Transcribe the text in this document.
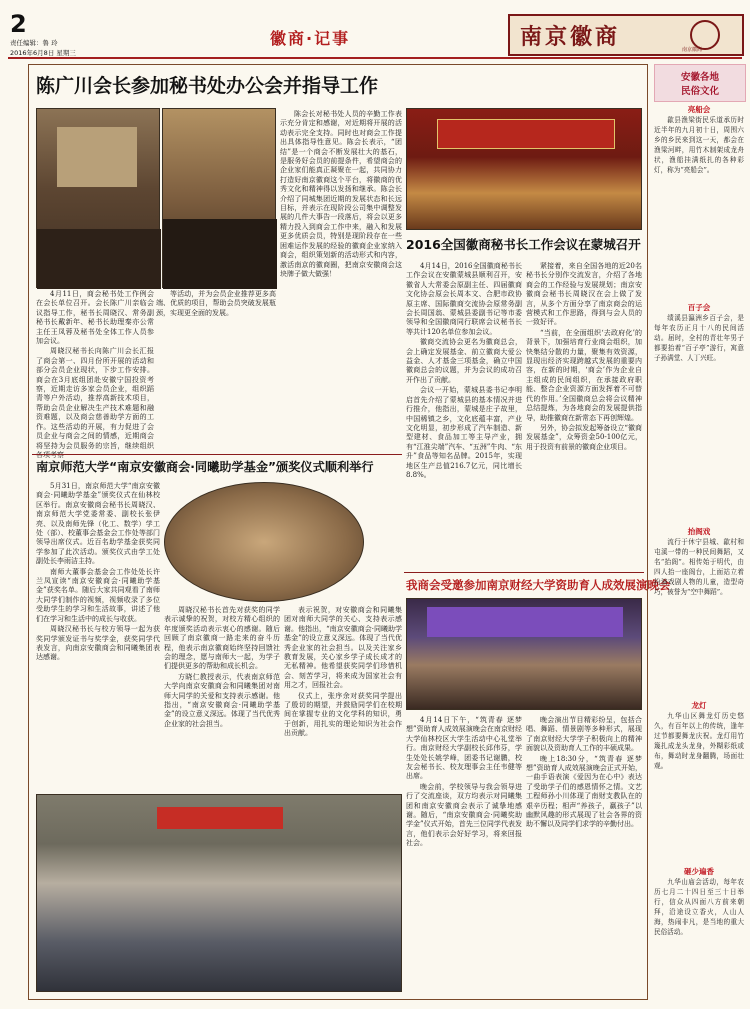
2
责任编辑：鲁 玲
2016年6月8日 星期三
徽商·记事	南京徽商	南京徽商
陈广川会长参加秘书处办公会并指导工作

4月11日，商会秘书处工作例会在会长单位召开。会长陈广川亲临会议指导工作，秘书长周晓汉、常务副秘书长戴新年、秘书长助理秦亦公常主任王凤蓉及秘书处全体工作人员参加会议。

周晓汉秘书长向陈广川会长汇报了商会第一、四月份所开展的活动和部分会员企业现状，下步工作安排。商会在3月底组团赴安徽宁国投资考察，近期走访多家会员企业，组织蹈青等户外活动，推荐高新技术项目，帮助会员企业解决生产技术难题和融资难题，以及商会慈善助学方面的工作。这些活动的开展，有力促进了会员企业与商会之间的情感，近期商会将坚持为会员服务的宗旨，继续组织

等活动，并为会员企业推荐更多高端、优质的项目，帮助会员突破发展瓶颈，实现更全面的发展。

陈会长对秘书处人员的辛勤工作表示充分肯定和感谢，对近期将开展的活动表示完全支持。同时也对商会工作提出具体指导性意见。陈会长表示，“团结”是一个商会不断发展壮大的基石，是服务好会员的前提条件，希望商会的企业家们能真正凝聚在一起，共同协力打造好南京徽商这个平台，将徽商的优秀文化和精神得以发扬和继承。陈会长介绍了同城集团近期的发展状态和长远目标，并表示在现阶段公司集中调整发展的几件大事告一段落后，将会以更多精力投入到商会工作中来，融入和发展更多优质会员，特别是现阶段存在一些困难运作发展的经验的徽商企业家纳入商会，组织策划新的活动形式和内容，激活南京的徽商圈，把南京安徽商会这块牌子做大做强！

2016全国徽商秘书长工作会议在蒙城召开

4月14日，2016全国徽商秘书长工作会议在安徽蒙城县顺利召开，安徽省人大常委会原副主任、四届徽商文化协会原会长周本文、合肥市政协原主席、国际徽商交流协会原常务副会长周国翁、蒙城县委副书记等市委领导和全国徽商同行联席会议秘书长等共计120名单位参加会议。

徽商交流协会更名为徽商总会，会上确定发展基金、前立徽商大爱公益金、人才基金三项基金，确立中国徽商总会的议题，并为会议的成功召开作出了贡献。

会议一开始，蒙城县委书记李明启首先介绍了蒙城县的基本情况并进行推介，他指出，蒙城是庄子故里，中国稀镇之乡，文化底蕴丰富，产业文化明显，初步形成了汽车制造、新型建材、食品加工等主导产业，拥有“江淮尖端”汽车、“五洲”牛肉、“东升”食品等知名品牌。2015年，实现地区生产总值216.7亿元，同比增长8.8%。

紧接着，来自全国各地的近20名秘书长分别作交流发言，介绍了各地商会的工作经验与发展规划；南京安徽商会秘书长周晓汉在会上做了发言，从多个方面分享了南京商会的运营模式和工作思路，得到与会人员的一致好评。

“当前，在全面组织‘去政府化’的背景下，加强培育行业商会组织，加快集结分散的力量，聚集有效资源，显现出经济实现跨越式发展的重要内容，在新的时期，‘商会’作为企业自主组成的民间组织，在承接政府职能、整合企业资源方面发挥着不可替代的作用。’全国徽商总会将会议精神总结提炼，为各地商会的发展提供指导，助推徽商在新常态下再创辉煌。

另外，协会拟发起筹备设立“徽商发展基金”，众筹资金50-100亿元，用于投资有前景的徽商企业项目。

南京师范大学“南京安徽商会·同曦助学基金”颁奖仪式顺利举行

5月31日，南京师范大学“南京安徽商会·同曦助学基金”颁奖仪式在仙林校区举行。南京安徽商会秘书长周晓汉、南京师范大学党委常委、副校长张伊亮、以及南师先锋（化工、数学）学工处（部）、校董事会基金会工作处等部门领导出席仪式。近百名助学基金获奖同学参加了此次活动。颁奖仪式由学工处副处长李雨洁主持。

南师大董事会基金会工作处处长许兰凤宣读“南京安徽商会·同曦助学基金”获奖名单。随后大家共同观看了南师大同学们制作的视频，视频收录了多位受助学生的学习和生活故事，讲述了他们在学习和生活中的成长与收获。

周晓汉秘书长与校方领导一起为获奖同学颁发证书与奖学金，获奖同学代表发言，向南京安徽商会和同曦集团表达感谢。

周晓汉秘书长首先对获奖的同学表示诚挚的祝贺，对校方精心组织的年度颁奖活动表示衷心的感谢。随后回顾了南京徽商一路走来的奋斗历程，他表示南京徽商始终坚持回馈社会的理念，愿与南师大一起，为学子们提供更多的帮助和成长机会。

方晓仁教授表示，代表南京师范大学向南京安徽商会和同曦集团对南师大同学的关爱和支持表示感谢。他指出，“南京安徽商会·同曦助学基金”的设立意义深远。体现了当代优秀企业家的社会担当。

表示祝贺，对安徽商会和同曦集团对南师大同学的关心、支持表示感谢。他指出，“南京安徽商会·同曦助学基金”的设立意义深远。体现了当代优秀企业家的社会担当。以及关注家乡教育发展，关心家乡学子成长成才的无私精神。他希望获奖同学们珍惜机会、刻苦学习，将来成为国家社会有用之才，回报社会。

仪式上，张序余对获奖同学提出了殷切的期望，并鼓励同学们在校期间在掌握专业的文化学科的知识，勇于创新，用扎实的理论知识为社会作出贡献。

我商会受邀参加南京财经大学资助育人成效展演晚会

4月14日下午，“筑青春 逐梦想”资助育人成效展演晚会在南京财经大学仙林校区大学生活动中心礼堂举行。南京财经大学副校长邱伟芬，学生处处长姚学峰，团委书记谢鹏，校友会秘书长、校友理事会主任韦健等出席。

晚会前，学校领导与我会领导进行了交流座谈，双方均表示对同曦集团和南京安徽商会表示了诚挚地感谢。随后，“南京安徽商会·同曦奖助学金”仪式开始，首先三位同学代表发言，他们表示会好好学习，将来回报社会。

晚会演出节目精彩纷呈，包括合唱、舞蹈、情景剧等多种形式，展现了南京财经大学学子积极向上的精神面貌以及资助育人工作的丰硕成果。

晚上18:30分，“筑青春 逐梦想”资助育人成效展演晚会正式开始，一曲手语表演《爱因为在心中》表达了受助学子们的感恩情怀之情。文艺工程师孙小川体现了南财支教队在的艰辛历程；相声“养孩子，赢孩子”以幽默风趣的形式展现了社会各界的资助不懈以及同学们求学的辛勤付出。

安徽各地
民俗文化
亮船会

歙县渔梁街民乐道承历时近半年的九月初十日，周围六乡的乡民来到这一天，都会在渔梁河畔，用竹木制架成龙舟状，渔船挂满纸扎的各种彩灯，称为“亮船会”。

百子会

绩溪县瀛洲乡百子会，是每年农历正月十八的民间活动。届时，全村的青壮年男子都要抬着“百子亭”游行，寓意子孙满堂、人丁兴旺。

抬阁戏

流行于休宁县城、歙村和屯溪一带的一种民间舞蹈，又名“抬阁”。相传始于明代，由四人抬一座阁台，上面站立着扮演戏剧人物的儿童，造型奇巧，被誉为“空中舞蹈”。

龙灯

九华山区舞龙灯历史悠久，有百年以上的传统，逢年过节都要舞龙庆祝。龙灯用竹篾扎成龙头龙身，外糊彩纸或布，舞动时龙身翻腾，场面壮观。

砸少遍香

九华山庙会活动，每年农历七月二十四日至三十日举行，信众从四面八方前来朝拜，沿途设立香火，人山人海，热闹非凡，是当地的重大民俗活动。
